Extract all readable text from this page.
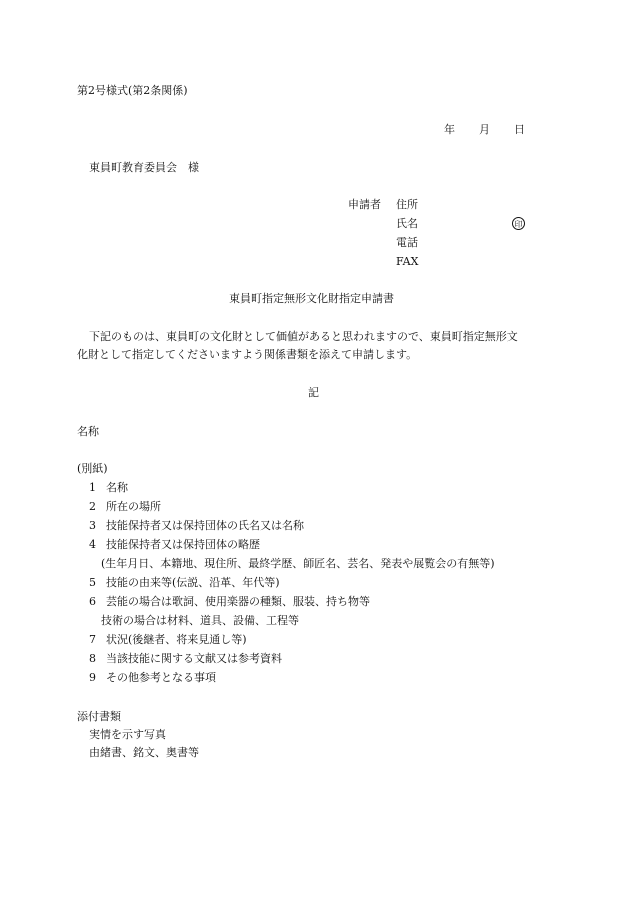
第2号様式(第2条関係)
年 月 日
東員町教育委員会　様
申請者 住所
氏名	印
電話
FAX
東員町指定無形文化財指定申請書
下記のものは、東員町の文化財として価値があると思われますので、東員町指定無形文
化財として指定してくださいますよう関係書類を添えて申請します。
記
名称
(別紙)
1 名称
2 所在の場所
3 技能保持者又は保持団体の氏名又は名称
4 技能保持者又は保持団体の略歴
(生年月日、本籍地、現住所、最終学歴、師匠名、芸名、発表や展覧会の有無等)
5 技能の由来等(伝説、沿革、年代等)
6 芸能の場合は歌詞、使用楽器の種類、服装、持ち物等
技術の場合は材料、道具、設備、工程等
7 状況(後継者、将来見通し等)
8 当該技能に関する文献又は参考資料
9 その他参考となる事項
添付書類
実情を示す写真
由緒書、銘文、奥書等
